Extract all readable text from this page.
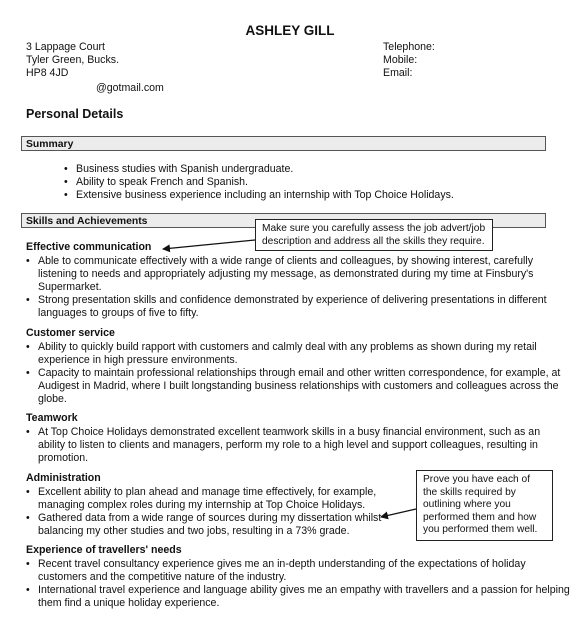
ASHLEY GILL
3 Lappage Court
Tyler Green, Bucks.
HP8 4JD
@gotmail.com
Telephone:
Mobile:
Email:
Personal Details
Summary
• Business studies with Spanish undergraduate.
• Ability to speak French and Spanish.
• Extensive business experience including an internship with Top Choice Holidays.
Skills and Achievements
Effective communication
• Able to communicate effectively with a wide range of clients and colleagues, by showing interest, carefully listening to needs and appropriately adjusting my message, as demonstrated during my time at Finsbury's Supermarket.
• Strong presentation skills and confidence demonstrated by experience of delivering presentations in different languages to groups of five to fifty.
Customer service
• Ability to quickly build rapport with customers and calmly deal with any problems as shown during my retail experience in high pressure environments.
• Capacity to maintain professional relationships through email and other written correspondence, for example, at Audigest in Madrid, where I built longstanding business relationships with customers and colleagues across the globe.
Teamwork
• At Top Choice Holidays demonstrated excellent teamwork skills in a busy financial environment, such as an ability to listen to clients and managers, perform my role to a high level and support colleagues, resulting in promotion.
Administration
• Excellent ability to plan ahead and manage time effectively, for example, managing complex roles during my internship at Top Choice Holidays.
• Gathered data from a wide range of sources during my dissertation whilst balancing my other studies and two jobs, resulting in a 73% grade.
Experience of travellers' needs
• Recent travel consultancy experience gives me an in-depth understanding of the expectations of holiday customers and the competitive nature of the industry.
• International travel experience and language ability gives me an empathy with travellers and a passion for helping them find a unique holiday experience.
Make sure you carefully assess the job advert/job description and address all the skills they require.
Prove you have each of the skills required by outlining where you performed them and how you performed them well.
